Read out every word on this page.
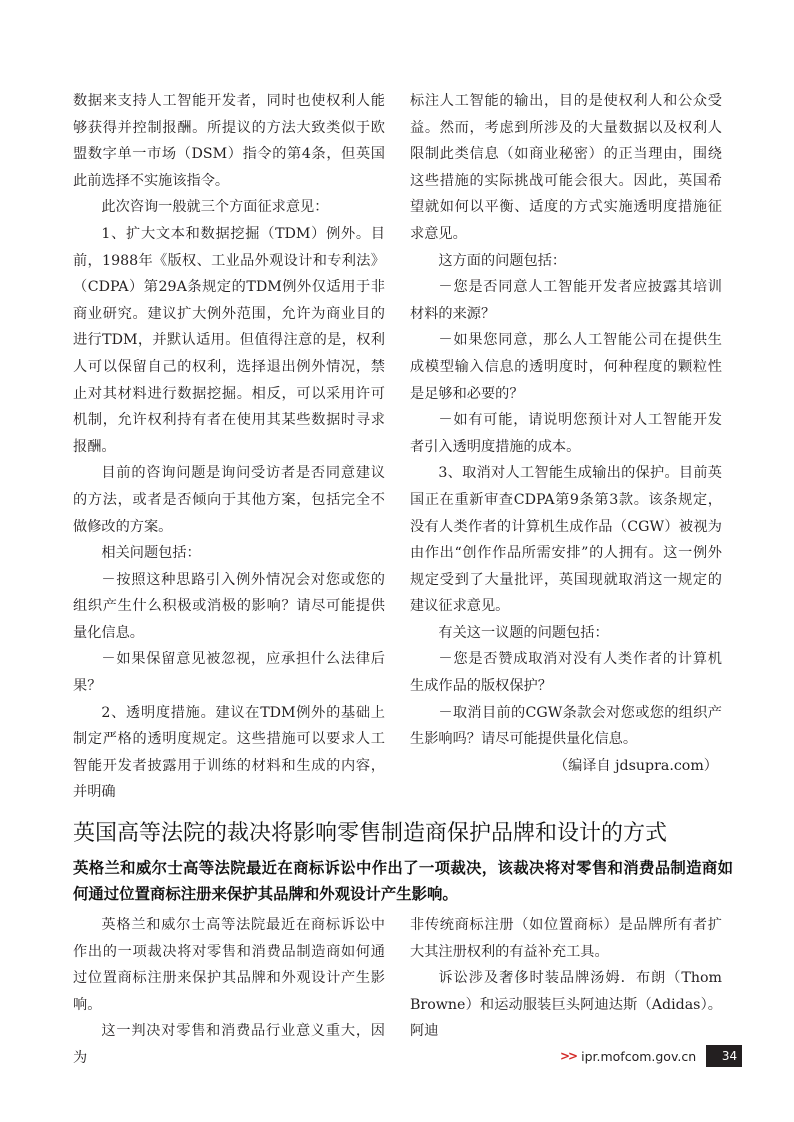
数据来支持人工智能开发者，同时也使权利人能够获得并控制报酬。所提议的方法大致类似于欧盟数字单一市场（DSM）指令的第4条，但英国此前选择不实施该指令。

此次咨询一般就三个方面征求意见：

1、扩大文本和数据挖掘（TDM）例外。目前，1988年《版权、工业品外观设计和专利法》（CDPA）第29A条规定的TDM例外仅适用于非商业研究。建议扩大例外范围，允许为商业目的进行TDM，并默认适用。但值得注意的是，权利人可以保留自己的权利，选择退出例外情况，禁止对其材料进行数据挖掘。相反，可以采用许可机制，允许权利持有者在使用其某些数据时寻求报酬。

目前的咨询问题是询问受访者是否同意建议的方法，或者是否倾向于其他方案，包括完全不做修改的方案。

相关问题包括：

－按照这种思路引入例外情况会对您或您的组织产生什么积极或消极的影响？请尽可能提供量化信息。

－如果保留意见被忽视，应承担什么法律后果？

2、透明度措施。建议在TDM例外的基础上制定严格的透明度规定。这些措施可以要求人工智能开发者披露用于训练的材料和生成的内容，并明确

标注人工智能的输出，目的是使权利人和公众受益。然而，考虑到所涉及的大量数据以及权利人限制此类信息（如商业秘密）的正当理由，围绕这些措施的实际挑战可能会很大。因此，英国希望就如何以平衡、适度的方式实施透明度措施征求意见。

这方面的问题包括：

－您是否同意人工智能开发者应披露其培训材料的来源？

－如果您同意，那么人工智能公司在提供生成模型输入信息的透明度时，何种程度的颗粒性是足够和必要的？

－如有可能，请说明您预计对人工智能开发者引入透明度措施的成本。

3、取消对人工智能生成输出的保护。目前英国正在重新审查CDPA第9条第3款。该条规定，没有人类作者的计算机生成作品（CGW）被视为由作出“创作作品所需安排”的人拥有。这一例外规定受到了大量批评，英国现就取消这一规定的建议征求意见。

有关这一议题的问题包括：

－您是否赞成取消对没有人类作者的计算机生成作品的版权保护？

－取消目前的CGW条款会对您或您的组织产生影响吗？请尽可能提供量化信息。

（编译自 jdsupra.com）

英国高等法院的裁决将影响零售制造商保护品牌和设计的方式

英格兰和威尔士高等法院最近在商标诉讼中作出了一项裁决，该裁决将对零售和消费品制造商如何通过位置商标注册来保护其品牌和外观设计产生影响。

英格兰和威尔士高等法院最近在商标诉讼中作出的一项裁决将对零售和消费品制造商如何通过位置商标注册来保护其品牌和外观设计产生影响。

这一判决对零售和消费品行业意义重大，因为

非传统商标注册（如位置商标）是品牌所有者扩大其注册权利的有益补充工具。

诉讼涉及奢侈时装品牌汤姆．布朗（Thom Browne）和运动服装巨头阿迪达斯（Adidas）。阿迪

>> ipr.mofcom.gov.cn	34
